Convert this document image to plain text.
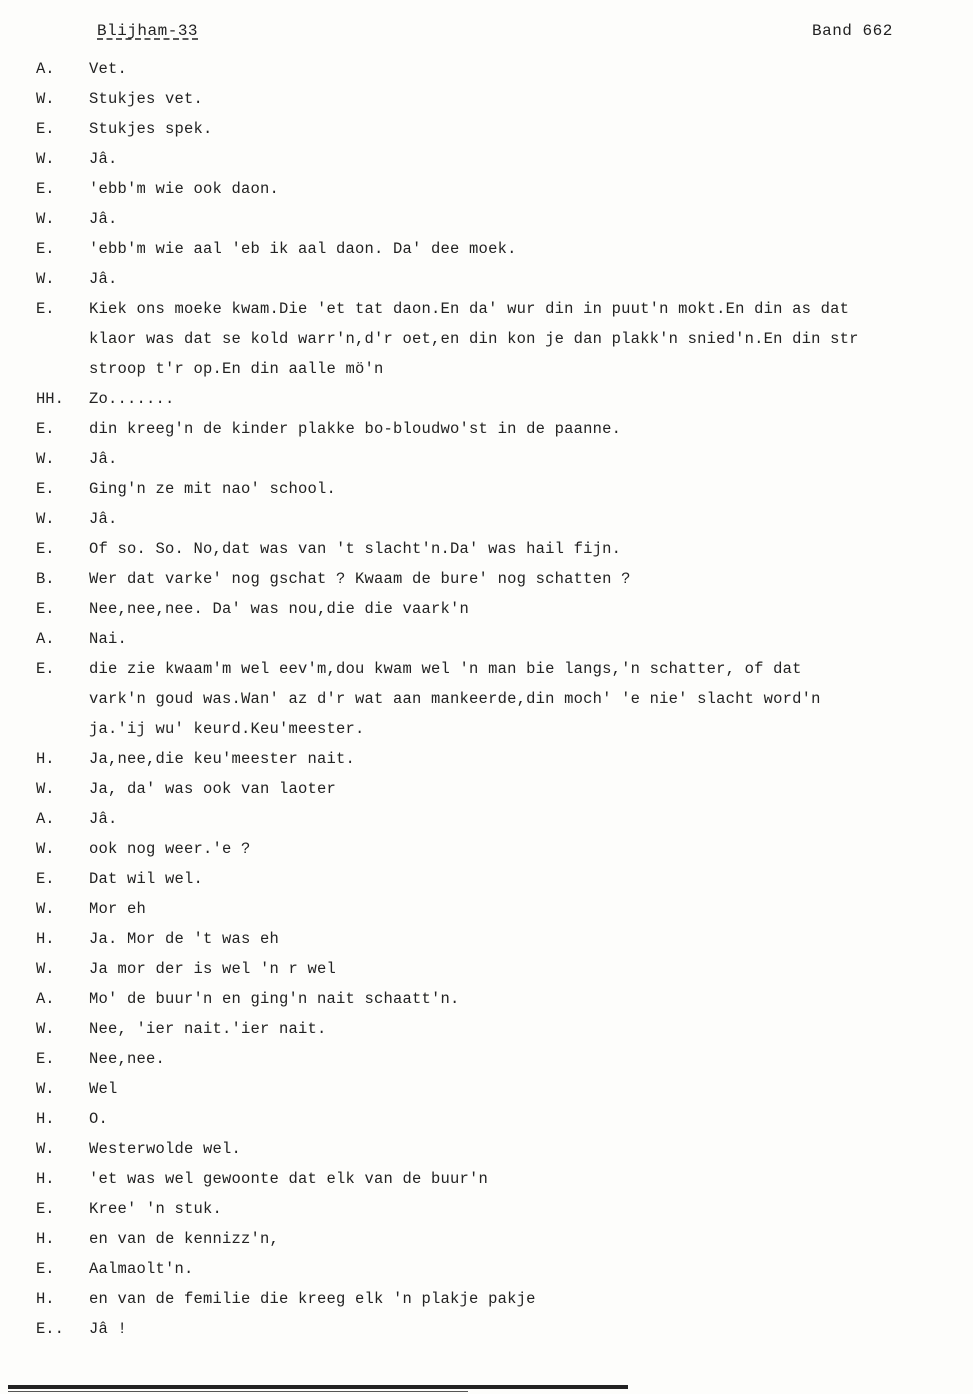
Blijham-33	Band 662
A. Vet.
W. Stukjes vet.
E. Stukjes spek.
W. Jâ.
E. 'ebb'm wie ook daon.
W. Jâ.
E. 'ebb'm wie aal 'eb ik aal daon. Da' dee moek.
W. Jâ.
E. Kiek ons moeke kwam.Die 'et tat daon.En da' wur din in puut'n mokt.En din as dat
klaor was dat se kold warr'n,d'r oet,en din kon je dan plakk'n snied'n.En din str
stroop t'r op.En din aalle mö'n
HH. Zo.......
E. din kreeg'n de kinder plakke bo-bloudwo'st in de paanne.
W. Jâ.
E. Ging'n ze mit nao' school.
W. Jâ.
E. Of so. So. No,dat was van 't slacht'n.Da' was hail fijn.
B. Wer dat varke' nog gschat ? Kwaam de bure' nog schatten ?
E. Nee,nee,nee. Da' was nou,die die vaark'n
A. Nai.
E. die zie kwaam'm wel eev'm,dou kwam wel 'n man bie langs,'n schatter, of dat
vark'n goud was.Wan' az d'r wat aan mankeerde,din moch' 'e nie' slacht word'n
ja.'ij wu' keurd.Keu'meester.
H. Ja,nee,die keu'meester nait.
W. Ja, da' was ook van laoter
A. Jâ.
W. ook nog weer.'e ?
E. Dat wil wel.
W. Mor eh
H. Ja. Mor de 't was eh
W. Ja mor der is wel 'n r wel
A. Mo' de buur'n en ging'n nait schaatt'n.
W. Nee, 'ier nait.'ier nait.
E. Nee,nee.
W. Wel
H. O.
W. Westerwolde wel.
H. 'et was wel gewoonte dat elk van de buur'n
E. Kree' 'n stuk.
H. en van de kennizz'n,
E. Aalmaolt'n.
H. en van de femilie die kreeg elk 'n plakje pakje
E.. Jâ !
